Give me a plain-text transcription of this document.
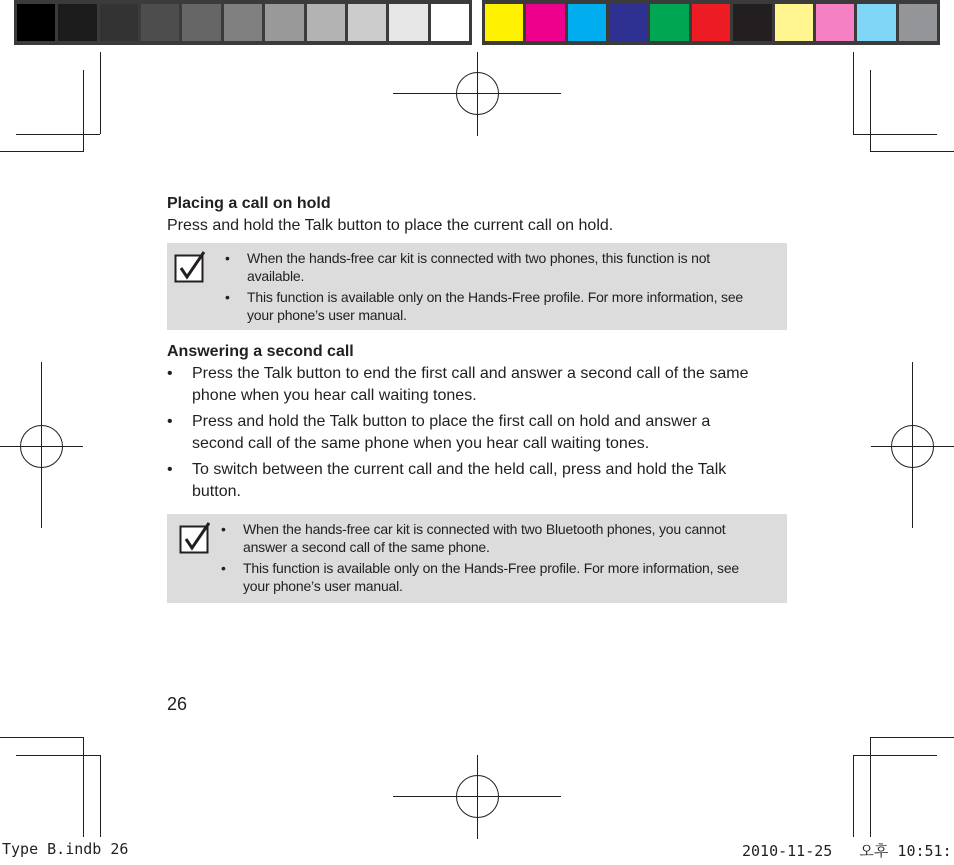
Placing a call on hold
Press and hold the Talk button to place the current call on hold.
• When the hands-free car kit is connected with two phones, this function is not available.
• This function is available only on the Hands-Free profile. For more information, see your phone’s user manual.
Answering a second call
• Press the Talk button to end the first call and answer a second call of the same phone when you hear call waiting tones.
• Press and hold the Talk button to place the first call on hold and answer a second call of the same phone when you hear call waiting tones.
• To switch between the current call and the held call, press and hold the Talk button.
• When the hands-free car kit is connected with two Bluetooth phones, you cannot answer a second call of the same phone.
• This function is available only on the Hands-Free profile. For more information, see your phone’s user manual.
26
Type B.indb 26	2010-11-25   오후 10:51:
